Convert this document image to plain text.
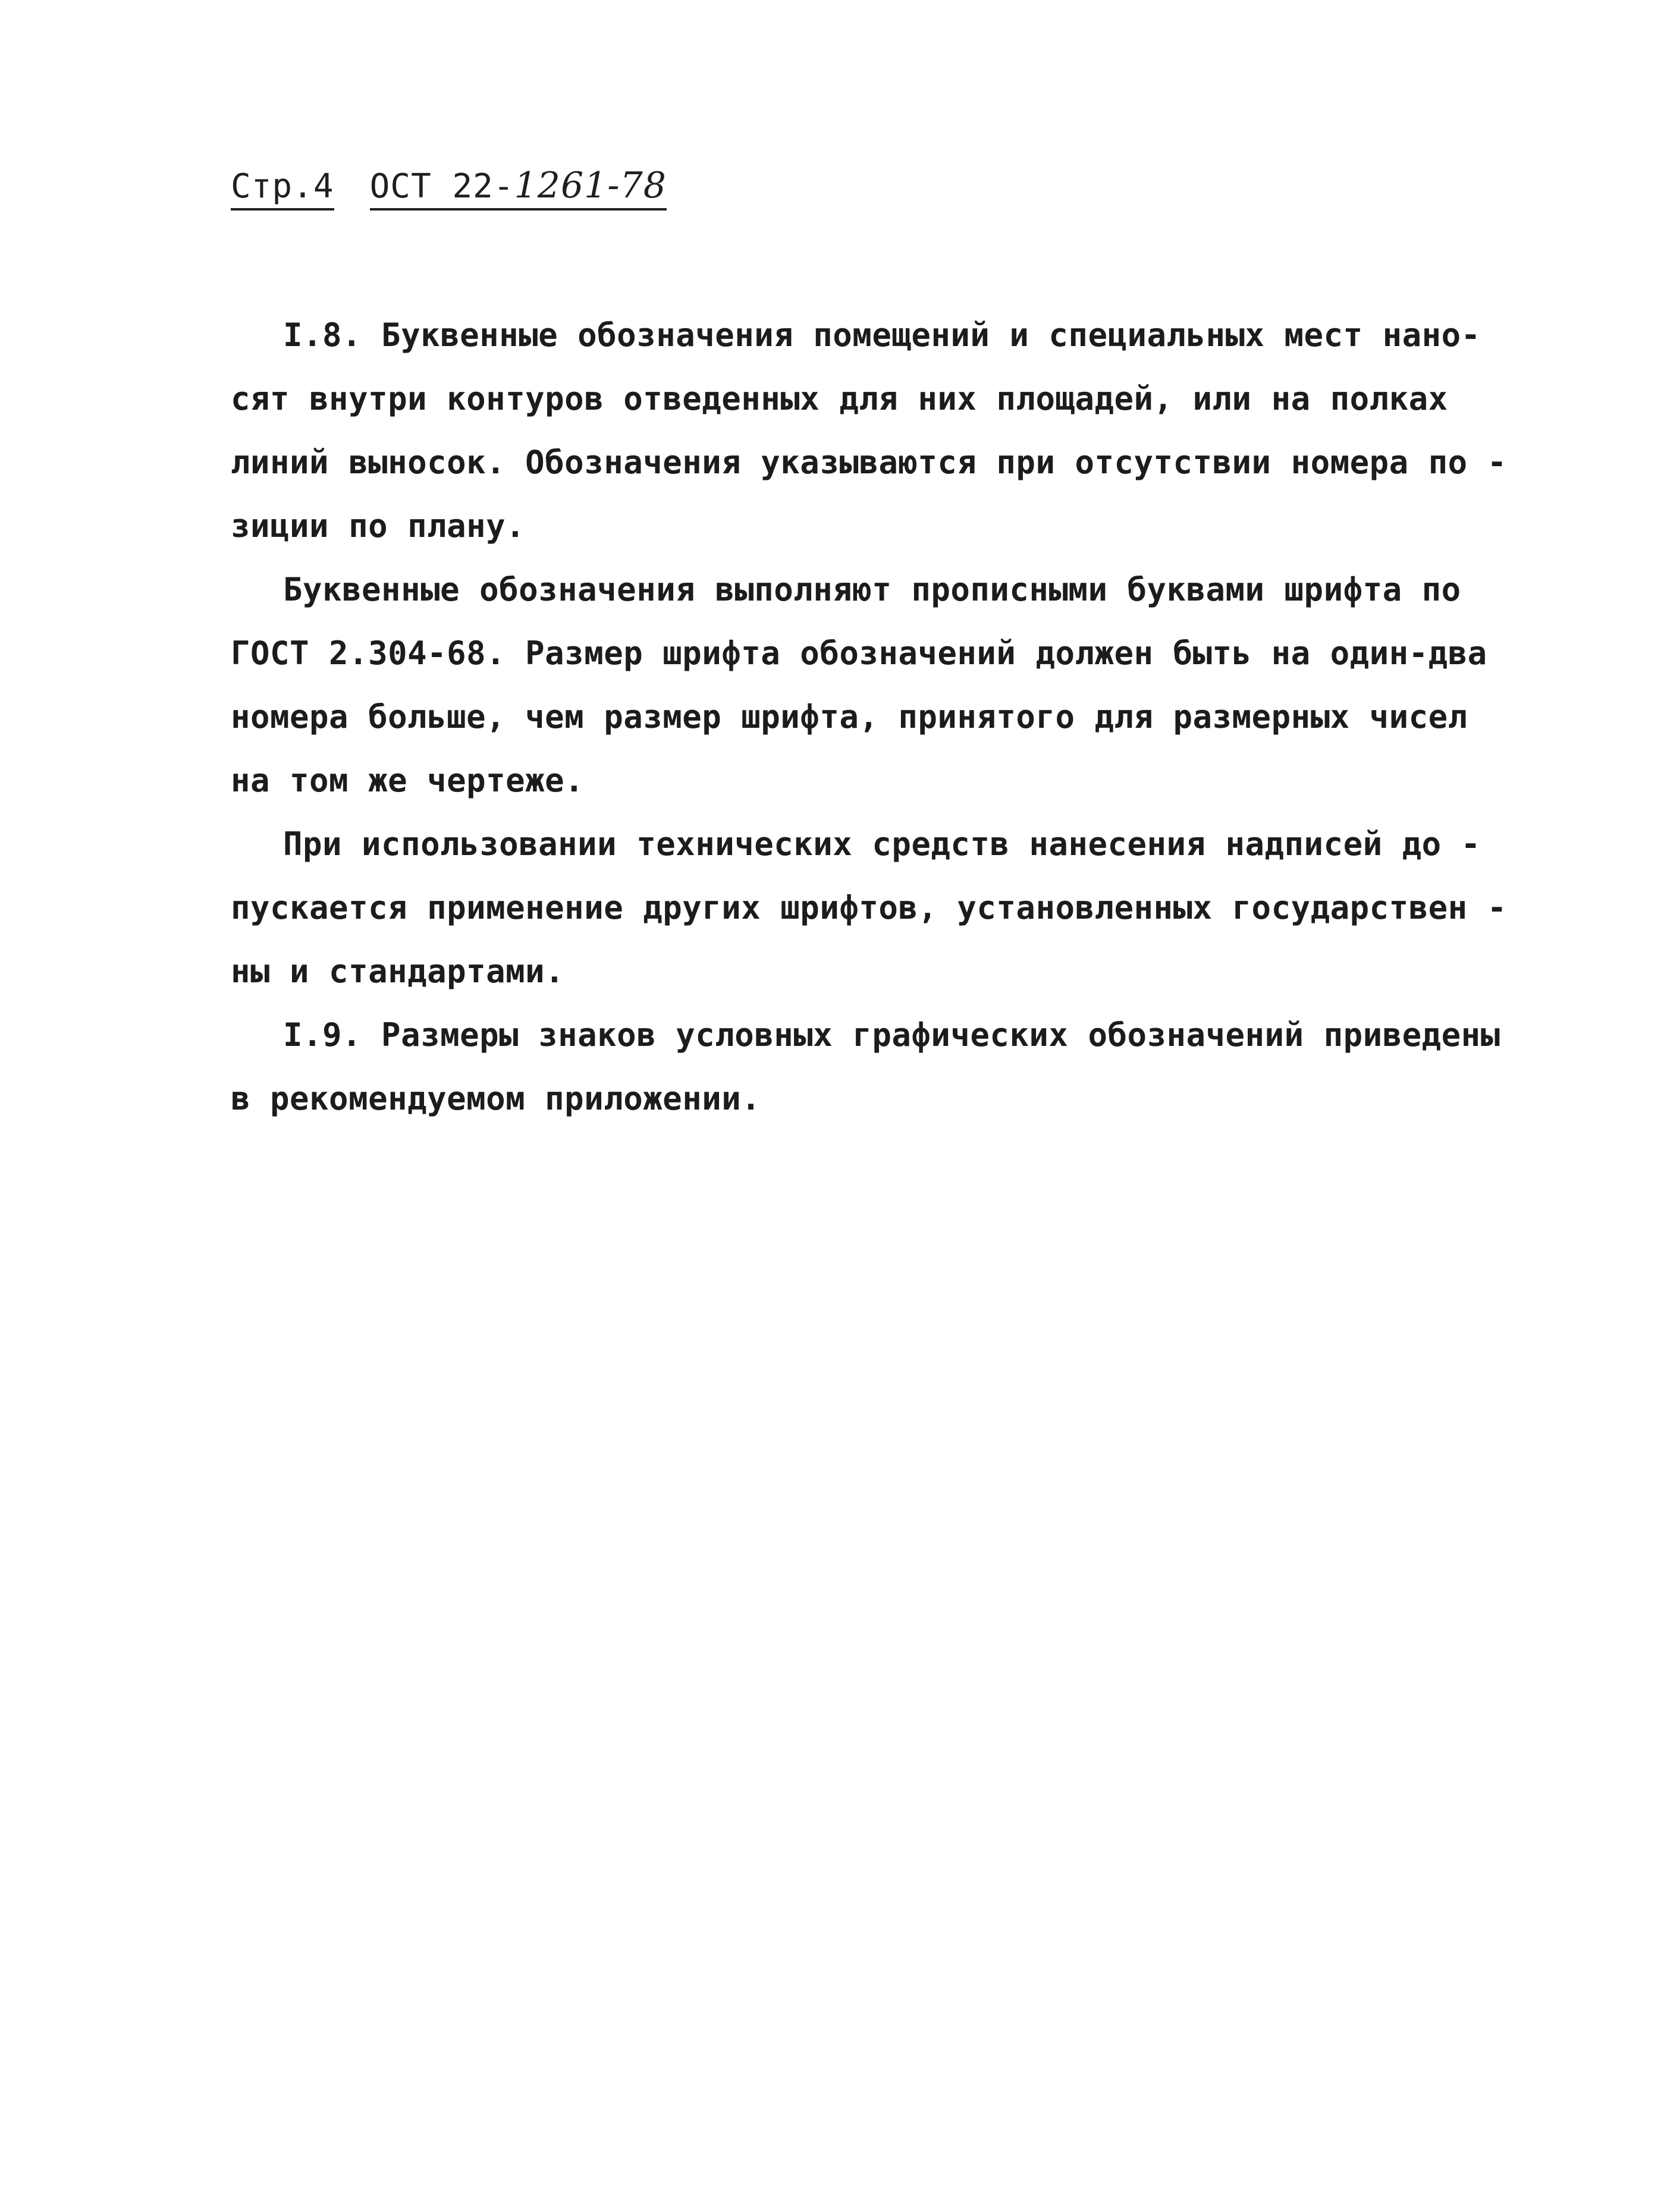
Стр.4 ОСТ 22-1261-78
I.8. Буквенные обозначения помещений и специальных мест нано-
сят внутри контуров отведенных для них площадей, или на полках
линий выносок. Обозначения указываются при отсутствии номера по -
зиции по плану.
Буквенные обозначения выполняют прописными буквами шрифта по
ГОСТ 2.304-68. Размер шрифта обозначений должен быть на один-два
номера больше, чем размер шрифта, принятого для размерных чисел
на том же чертеже.
При использовании технических средств нанесения надписей до -
пускается применение других шрифтов, установленных государствен -
ны и стандартами.
I.9. Размеры знаков условных графических обозначений приведены
в рекомендуемом приложении.
